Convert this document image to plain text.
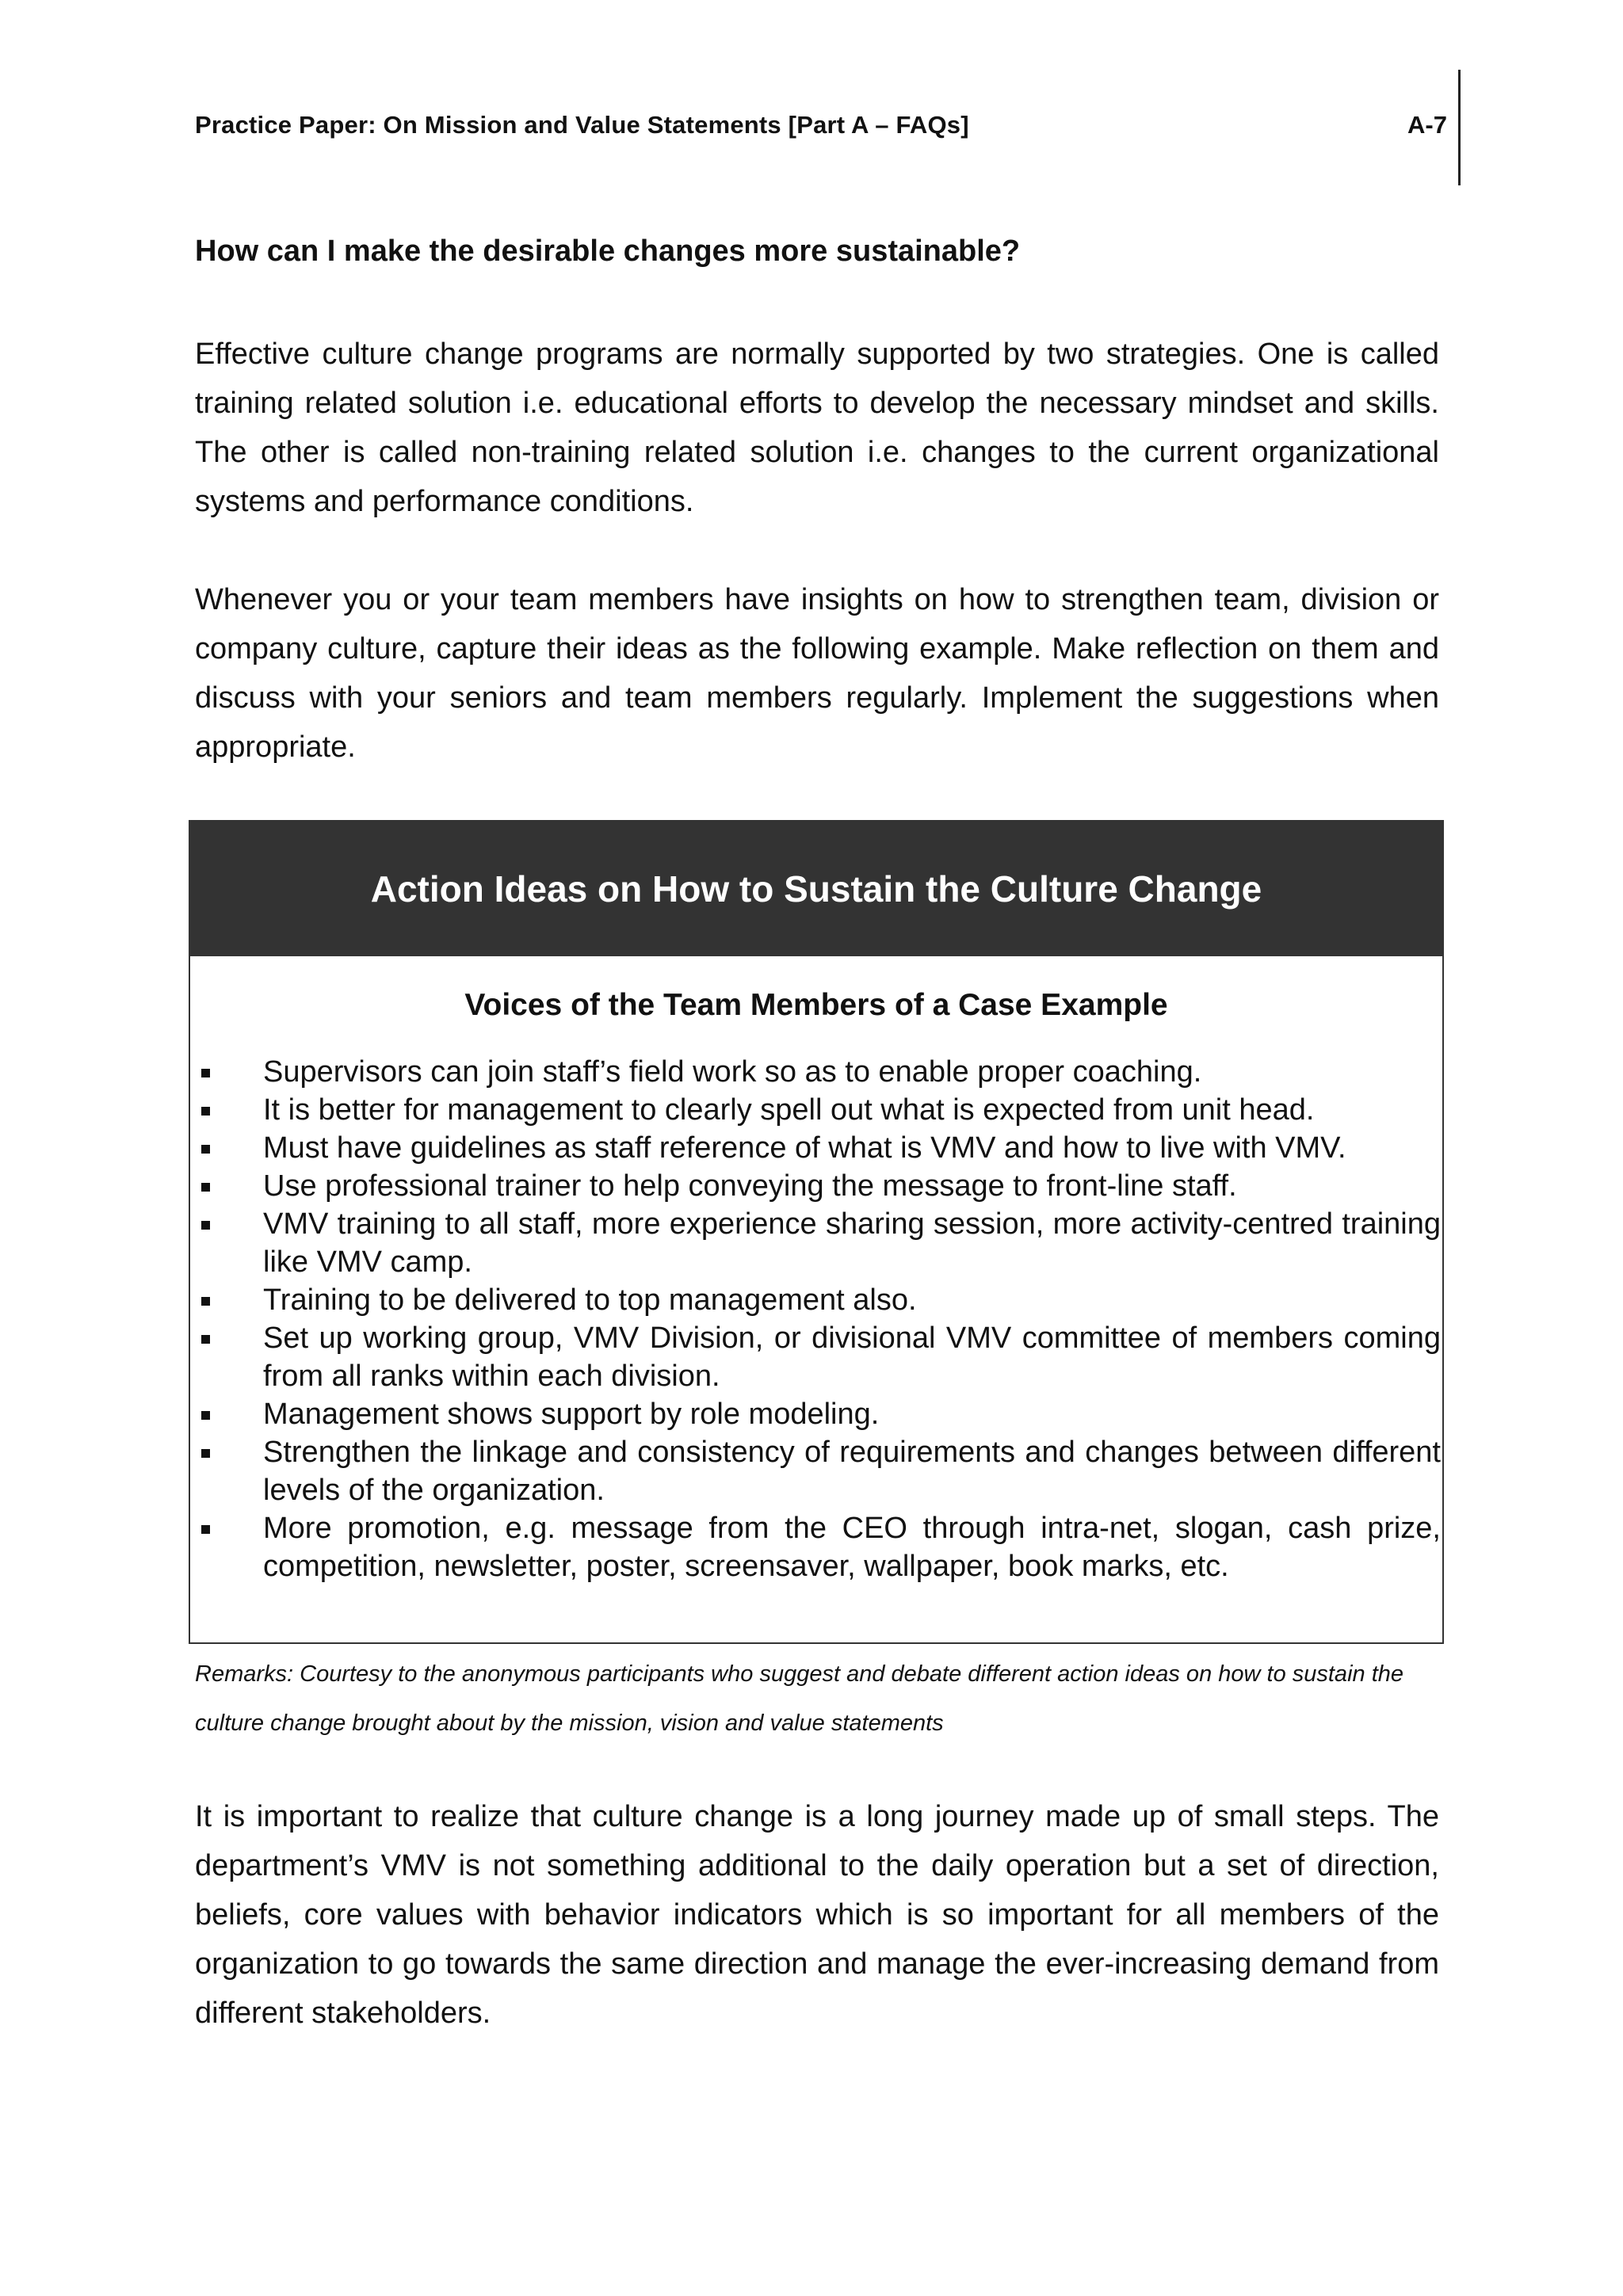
Practice Paper: On Mission and Value Statements [Part A – FAQs]	A-7
How can I make the desirable changes more sustainable?

Effective culture change programs are normally supported by two strategies. One is called training related solution i.e. educational efforts to develop the necessary mindset and skills. The other is called non-training related solution i.e. changes to the current organizational systems and performance conditions.

Whenever you or your team members have insights on how to strengthen team, division or company culture, capture their ideas as the following example. Make reflection on them and discuss with your seniors and team members regularly. Implement the suggestions when appropriate.

Action Ideas on How to Sustain the Culture Change
Voices of the Team Members of a Case Example
Supervisors can join staff’s field work so as to enable proper coaching.
It is better for management to clearly spell out what is expected from unit head.
Must have guidelines as staff reference of what is VMV and how to live with VMV.
Use professional trainer to help conveying the message to front-line staff.
VMV training to all staff, more experience sharing session, more activity-centred training like VMV camp.
Training to be delivered to top management also.
Set up working group, VMV Division, or divisional VMV committee of members coming from all ranks within each division.
Management shows support by role modeling.
Strengthen the linkage and consistency of requirements and changes between different levels of the organization.
More promotion, e.g. message from the CEO through intra-net, slogan, cash prize, competition, newsletter, poster, screensaver, wallpaper, book marks, etc.

Remarks: Courtesy to the anonymous participants who suggest and debate different action ideas on how to sustain the culture change brought about by the mission, vision and value statements

It is important to realize that culture change is a long journey made up of small steps. The department’s VMV is not something additional to the daily operation but a set of direction, beliefs, core values with behavior indicators which is so important for all members of the organization to go towards the same direction and manage the ever-increasing demand from different stakeholders.
